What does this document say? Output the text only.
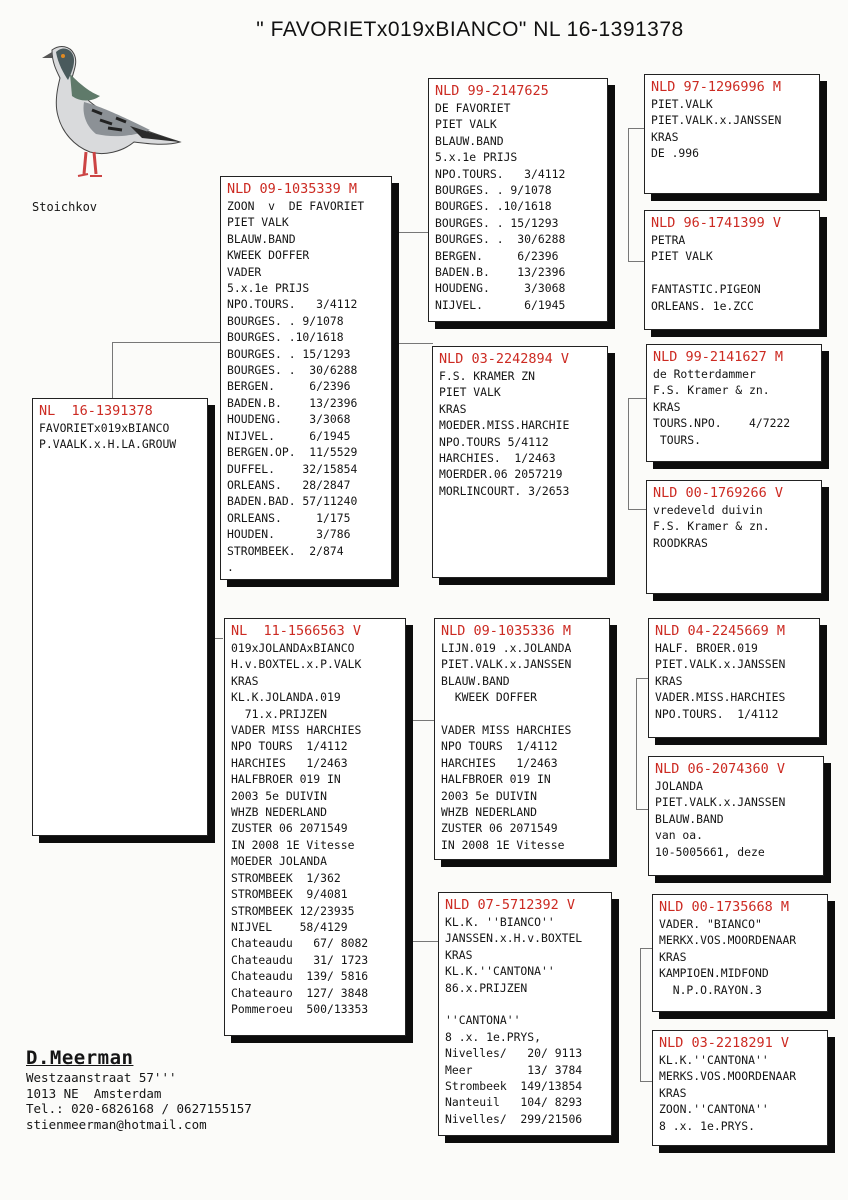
" FAVORIETx019xBIANCO" NL 16-1391378
Stoichkov
NL  16-1391378
FAVORIETx019xBIANCO
P.VAALK.x.H.LA.GROUW
NLD 09-1035339 M
ZOON  v  DE FAVORIET
PIET VALK
BLAUW.BAND
KWEEK DOFFER
VADER
5.x.1e PRIJS
NPO.TOURS.   3/4112
BOURGES. . 9/1078
BOURGES. .10/1618
BOURGES. . 15/1293
BOURGES. .  30/6288
BERGEN.     6/2396
BADEN.B.    13/2396
HOUDENG.    3/3068
NIJVEL.     6/1945
BERGEN.OP.  11/5529
DUFFEL.    32/15854
ORLEANS.   28/2847
BADEN.BAD. 57/11240
ORLEANS.     1/175
HOUDEN.      3/786
STROMBEEK.  2/874
.
NL  11-1566563 V
019xJOLANDAxBIANCO
H.v.BOXTEL.x.P.VALK
KRAS
KL.K.JOLANDA.019
71.x.PRIJZEN
VADER MISS HARCHIES
NPO TOURS  1/4112
HARCHIES   1/2463
HALFBROER 019 IN
2003 5e DUIVIN
WHZB NEDERLAND
ZUSTER 06 2071549
IN 2008 1E Vitesse
MOEDER JOLANDA
STROMBEEK  1/362
STROMBEEK  9/4081
STROMBEEK 12/23935
NIJVEL    58/4129
Chateaudu   67/ 8082
Chateaudu   31/ 1723
Chateaudu  139/ 5816
Chateauro  127/ 3848
Pommeroeu  500/13353
NLD 99-2147625
DE FAVORIET
PIET VALK
BLAUW.BAND
5.x.1e PRIJS
NPO.TOURS.   3/4112
BOURGES. . 9/1078
BOURGES. .10/1618
BOURGES. . 15/1293
BOURGES. .  30/6288
BERGEN.     6/2396
BADEN.B.    13/2396
HOUDENG.     3/3068
NIJVEL.      6/1945
NLD 03-2242894 V
F.S. KRAMER ZN
PIET VALK
KRAS
MOEDER.MISS.HARCHIE
NPO.TOURS 5/4112
HARCHIES.  1/2463
MOERDER.06 2057219
MORLINCOURT. 3/2653
NLD 09-1035336 M
LIJN.019 .x.JOLANDA
PIET.VALK.x.JANSSEN
BLAUW.BAND
KWEEK DOFFER
VADER MISS HARCHIES
NPO TOURS  1/4112
HARCHIES   1/2463
HALFBROER 019 IN
2003 5e DUIVIN
WHZB NEDERLAND
ZUSTER 06 2071549
IN 2008 1E Vitesse
NLD 07-5712392 V
KL.K. ''BIANCO''
JANSSEN.x.H.v.BOXTEL
KRAS
KL.K.''CANTONA''
86.x.PRIJZEN
''CANTONA''
8 .x. 1e.PRYS,
Nivelles/   20/ 9113
Meer        13/ 3784
Strombeek  149/13854
Nanteuil   104/ 8293
Nivelles/  299/21506
NLD 97-1296996 M
PIET.VALK
PIET.VALK.x.JANSSEN
KRAS
DE .996
NLD 96-1741399 V
PETRA
PIET VALK
FANTASTIC.PIGEON
ORLEANS. 1e.ZCC
NLD 99-2141627 M
de Rotterdammer
F.S. Kramer & zn.
KRAS
TOURS.NPO.    4/7222
TOURS.
NLD 00-1769266 V
vredeveld duivin
F.S. Kramer & zn.
ROODKRAS
NLD 04-2245669 M
HALF. BROER.019
PIET.VALK.x.JANSSEN
KRAS
VADER.MISS.HARCHIES
NPO.TOURS.  1/4112
NLD 06-2074360 V
JOLANDA
PIET.VALK.x.JANSSEN
BLAUW.BAND
van oa.
10-5005661, deze
NLD 00-1735668 M
VADER. "BIANCO"
MERKX.VOS.MOORDENAAR
KRAS
KAMPIOEN.MIDFOND
N.P.O.RAYON.3
NLD 03-2218291 V
KL.K.''CANTONA''
MERKS.VOS.MOORDENAAR
KRAS
ZOON.''CANTONA''
8 .x. 1e.PRYS.
D.Meerman
Westzaanstraat 57'''
1013 NE  Amsterdam
Tel.: 020-6826168 / 0627155157
stienmeerman@hotmail.com
